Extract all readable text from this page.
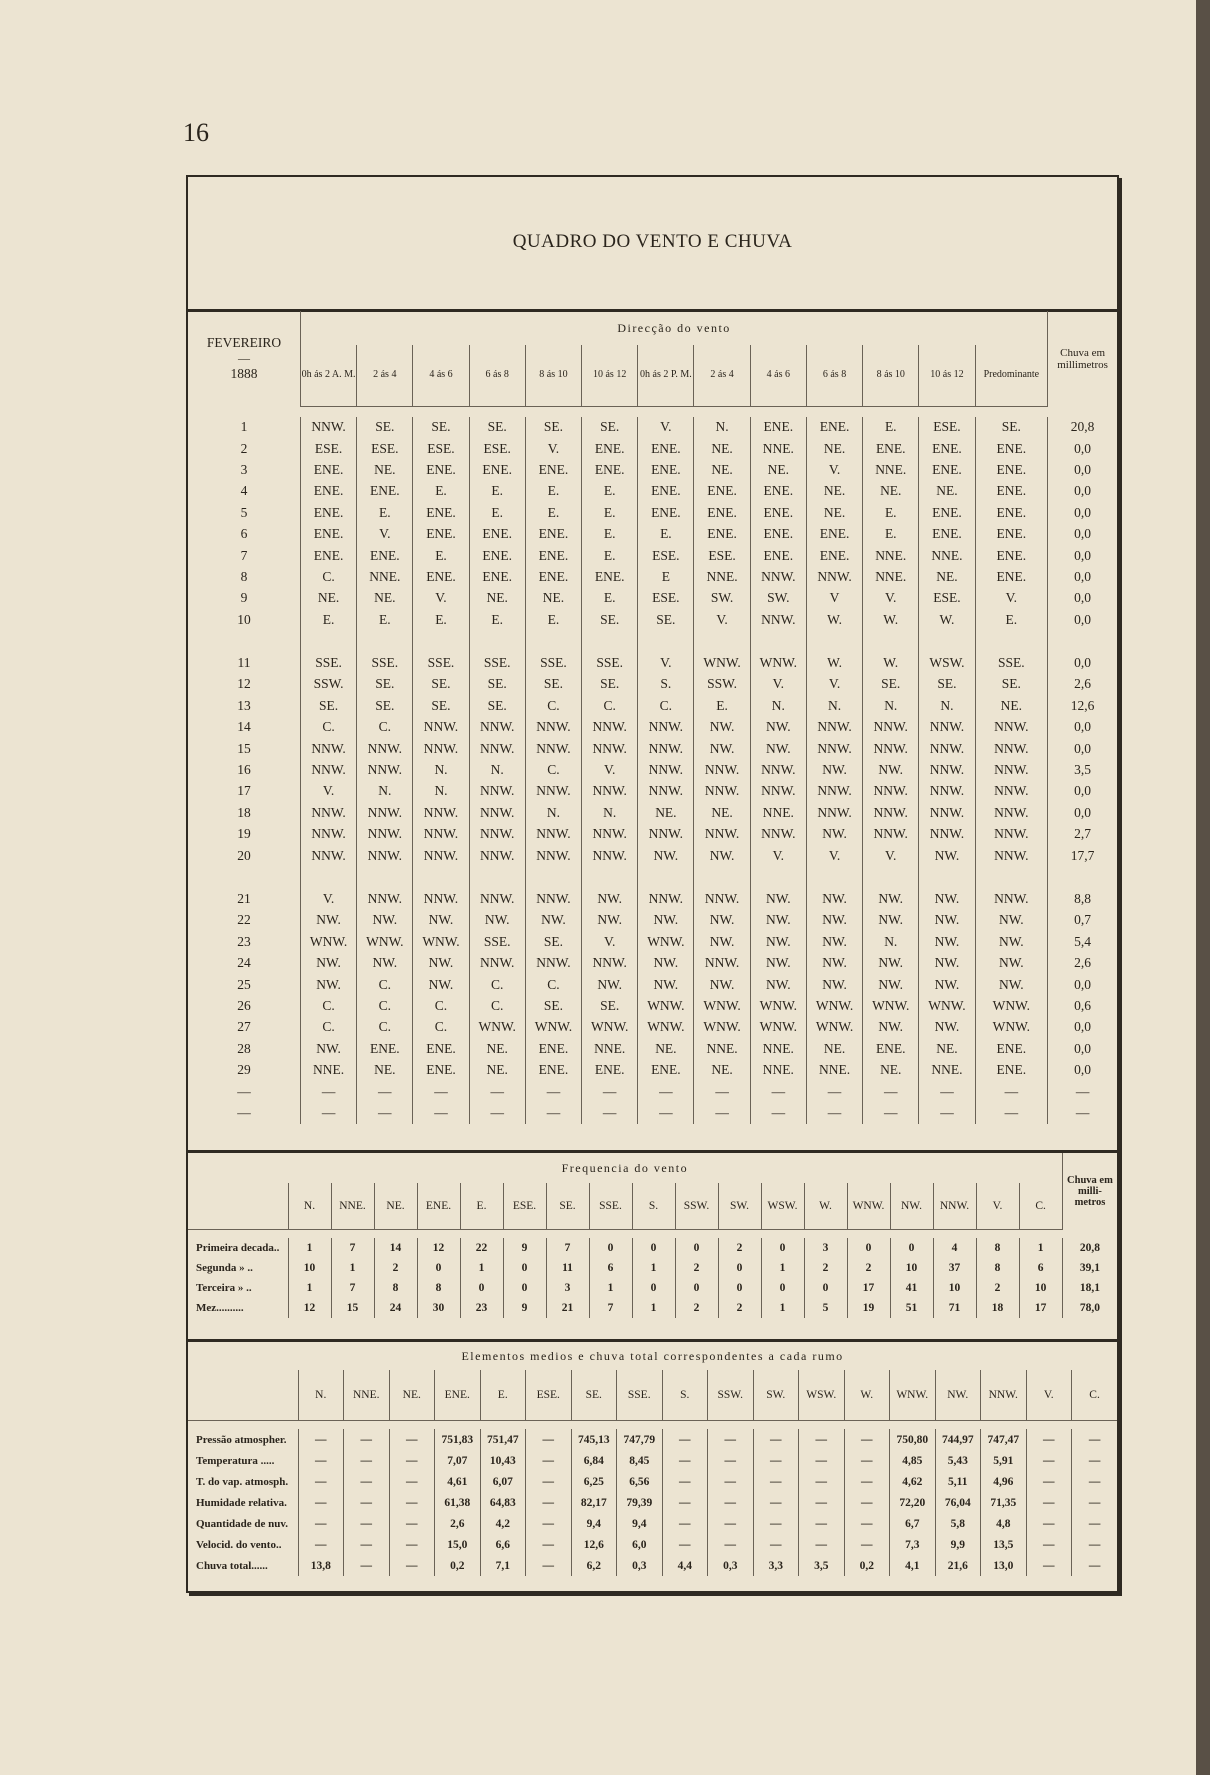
16
QUADRO DO VENTO E CHUVA
FEVEREIRO
—
1888	Direcção do vento													Chuva em millimetros
	0h ás 2 A. M.	2 ás 4	4 ás 6	6 ás 8	8 ás 10	10 ás 12	0h ás 2 P. M.	2 ás 4	4 ás 6	6 ás 8	8 ás 10	10 ás 12	Predominante	

1	NNW.	SE.	SE.	SE.	SE.	SE.	V.	N.	ENE.	ENE.	E.	ESE.	SE.	20,8
2	ESE.	ESE.	ESE.	ESE.	V.	ENE.	ENE.	NE.	NNE.	NE.	ENE.	ENE.	ENE.	0,0
3	ENE.	NE.	ENE.	ENE.	ENE.	ENE.	ENE.	NE.	NE.	V.	NNE.	ENE.	ENE.	0,0
4	ENE.	ENE.	E.	E.	E.	E.	ENE.	ENE.	ENE.	NE.	NE.	NE.	ENE.	0,0
5	ENE.	E.	ENE.	E.	E.	E.	ENE.	ENE.	ENE.	NE.	E.	ENE.	ENE.	0,0
6	ENE.	V.	ENE.	ENE.	ENE.	E.	E.	ENE.	ENE.	ENE.	E.	ENE.	ENE.	0,0
7	ENE.	ENE.	E.	ENE.	ENE.	E.	ESE.	ESE.	ENE.	ENE.	NNE.	NNE.	ENE.	0,0
8	C.	NNE.	ENE.	ENE.	ENE.	ENE.	E	NNE.	NNW.	NNW.	NNE.	NE.	ENE.	0,0
9	NE.	NE.	V.	NE.	NE.	E.	ESE.	SW.	SW.	V	V.	ESE.	V.	0,0
10	E.	E.	E.	E.	E.	SE.	SE.	V.	NNW.	W.	W.	W.	E.	0,0

11	SSE.	SSE.	SSE.	SSE.	SSE.	SSE.	V.	WNW.	WNW.	W.	W.	WSW.	SSE.	0,0
12	SSW.	SE.	SE.	SE.	SE.	SE.	S.	SSW.	V.	V.	SE.	SE.	SE.	2,6
13	SE.	SE.	SE.	SE.	C.	C.	C.	E.	N.	N.	N.	N.	NE.	12,6
14	C.	C.	NNW.	NNW.	NNW.	NNW.	NNW.	NW.	NW.	NNW.	NNW.	NNW.	NNW.	0,0
15	NNW.	NNW.	NNW.	NNW.	NNW.	NNW.	NNW.	NW.	NW.	NNW.	NNW.	NNW.	NNW.	0,0
16	NNW.	NNW.	N.	N.	C.	V.	NNW.	NNW.	NNW.	NW.	NW.	NNW.	NNW.	3,5
17	V.	N.	N.	NNW.	NNW.	NNW.	NNW.	NNW.	NNW.	NNW.	NNW.	NNW.	NNW.	0,0
18	NNW.	NNW.	NNW.	NNW.	N.	N.	NE.	NE.	NNE.	NNW.	NNW.	NNW.	NNW.	0,0
19	NNW.	NNW.	NNW.	NNW.	NNW.	NNW.	NNW.	NNW.	NNW.	NW.	NNW.	NNW.	NNW.	2,7
20	NNW.	NNW.	NNW.	NNW.	NNW.	NNW.	NW.	NW.	V.	V.	V.	NW.	NNW.	17,7

21	V.	NNW.	NNW.	NNW.	NNW.	NW.	NNW.	NNW.	NW.	NW.	NW.	NW.	NNW.	8,8
22	NW.	NW.	NW.	NW.	NW.	NW.	NW.	NW.	NW.	NW.	NW.	NW.	NW.	0,7
23	WNW.	WNW.	WNW.	SSE.	SE.	V.	WNW.	NW.	NW.	NW.	N.	NW.	NW.	5,4
24	NW.	NW.	NW.	NNW.	NNW.	NNW.	NW.	NNW.	NW.	NW.	NW.	NW.	NW.	2,6
25	NW.	C.	NW.	C.	C.	NW.	NW.	NW.	NW.	NW.	NW.	NW.	NW.	0,0
26	C.	C.	C.	C.	SE.	SE.	WNW.	WNW.	WNW.	WNW.	WNW.	WNW.	WNW.	0,6
27	C.	C.	C.	WNW.	WNW.	WNW.	WNW.	WNW.	WNW.	WNW.	NW.	NW.	WNW.	0,0
28	NW.	ENE.	ENE.	NE.	ENE.	NNE.	NE.	NNE.	NNE.	NE.	ENE.	NE.	ENE.	0,0
29	NNE.	NE.	ENE.	NE.	ENE.	ENE.	ENE.	NE.	NNE.	NNE.	NE.	NNE.	ENE.	0,0
—	—	—	—	—	—	—	—	—	—	—	—	—	—	—
—	—	—	—	—	—	—	—	—	—	—	—	—	—	—
Frequencia do vento																			Chuva em milli-metros
	N.	NNE.	NE.	ENE.	E.	ESE.	SE.	SSE.	S.	SSW.	SW.	WSW.	W.	WNW.	NW.	NNW.	V.	C.	

Primeira decada..	1	7	14	12	22	9	7	0	0	0	2	0	3	0	0	4	8	1	20,8
Segunda » ..	10	1	2	0	1	0	11	6	1	2	0	1	2	2	10	37	8	6	39,1
Terceira » ..	1	7	8	8	0	0	3	1	0	0	0	0	0	17	41	10	2	10	18,1
Mez..........	12	15	24	30	23	9	21	7	1	2	2	1	5	19	51	71	18	17	78,0
Elementos medios e chuva total correspondentes a cada rumo																		
	N.	NNE.	NE.	ENE.	E.	ESE.	SE.	SSE.	S.	SSW.	SW.	WSW.	W.	WNW.	NW.	NNW.	V.	C.

Pressão atmospher.	—	—	—	751,83	751,47	—	745,13	747,79	—	—	—	—	—	750,80	744,97	747,47	—	—
Temperatura .....	—	—	—	7,07	10,43	—	6,84	8,45	—	—	—	—	—	4,85	5,43	5,91	—	—
T. do vap. atmosph.	—	—	—	4,61	6,07	—	6,25	6,56	—	—	—	—	—	4,62	5,11	4,96	—	—
Humidade relativa.	—	—	—	61,38	64,83	—	82,17	79,39	—	—	—	—	—	72,20	76,04	71,35	—	—
Quantidade de nuv.	—	—	—	2,6	4,2	—	9,4	9,4	—	—	—	—	—	6,7	5,8	4,8	—	—
Velocid. do vento..	—	—	—	15,0	6,6	—	12,6	6,0	—	—	—	—	—	7,3	9,9	13,5	—	—
Chuva total......	13,8	—	—	0,2	7,1	—	6,2	0,3	4,4	0,3	3,3	3,5	0,2	4,1	21,6	13,0	—	—
